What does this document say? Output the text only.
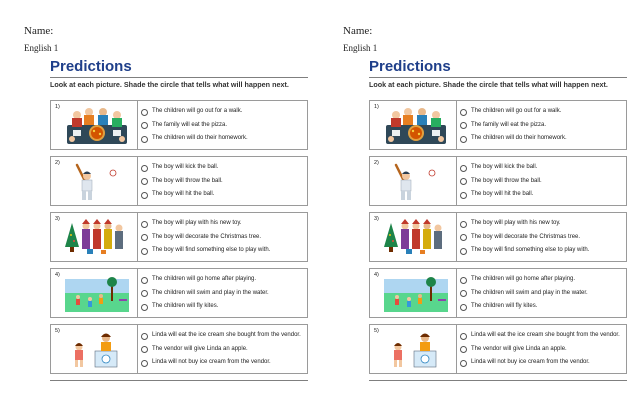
Name:
English 1
Predictions
Look at each picture. Shade the circle that tells what will happen next.
1)
The children will go out for a walk.
The family will eat the pizza.
The children will do their homework.
2)
The boy will kick the ball.
The boy will throw the ball.
The boy will hit the ball.
3)
The boy will play with his new toy.
The boy will decorate the Christmas tree.
The boy will find something else to play with.
4)
The children will go home after playing.
The children will swim and play in the water.
The children will fly kites.
5)
Linda will eat the ice cream she bought from the vendor.
The vendor will give Linda an apple.
Linda will not buy ice cream from the vendor.
Name:
English 1
Predictions
Look at each picture. Shade the circle that tells what will happen next.
1)
The children will go out for a walk.
The family will eat the pizza.
The children will do their homework.
2)
The boy will kick the ball.
The boy will throw the ball.
The boy will hit the ball.
3)
The boy will play with his new toy.
The boy will decorate the Christmas tree.
The boy will find something else to play with.
4)
The children will go home after playing.
The children will swim and play in the water.
The children will fly kites.
5)
Linda will eat the ice cream she bought from the vendor.
The vendor will give Linda an apple.
Linda will not buy ice cream from the vendor.
